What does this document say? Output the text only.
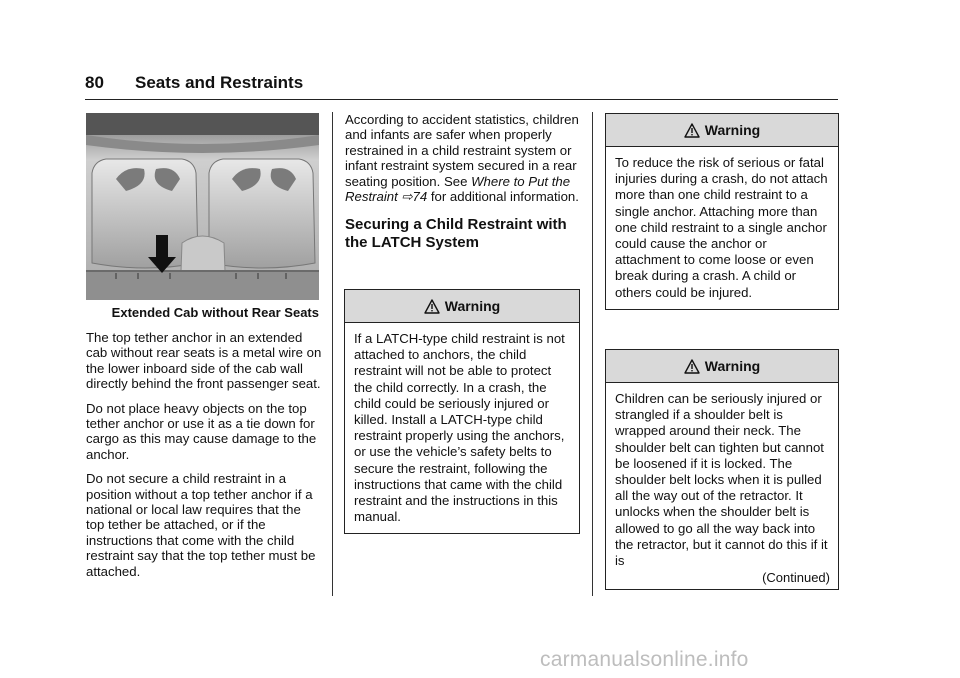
80 Seats and Restraints
Extended Cab without Rear Seats

The top tether anchor in an extended cab without rear seats is a metal wire on the lower inboard side of the cab wall directly behind the front passenger seat.

Do not place heavy objects on the top tether anchor or use it as a tie down for cargo as this may cause damage to the anchor.

Do not secure a child restraint in a position without a top tether anchor if a national or local law requires that the top tether be attached, or if the instructions that come with the child restraint say that the top tether must be attached.

According to accident statistics, children and infants are safer when properly restrained in a child restraint system or infant restraint system secured in a rear seating position. See Where to Put the Restraint ⇨74 for additional information.

Securing a Child Restraint with the LATCH System
Warning
If a LATCH-type child restraint is not attached to anchors, the child restraint will not be able to protect the child correctly. In a crash, the child could be seriously injured or killed. Install a LATCH-type child restraint properly using the anchors, or use the vehicle’s safety belts to secure the restraint, following the instructions that came with the child restraint and the instructions in this manual.
Warning
To reduce the risk of serious or fatal injuries during a crash, do not attach more than one child restraint to a single anchor. Attaching more than one child restraint to a single anchor could cause the anchor or attachment to come loose or even break during a crash. A child or others could be injured.
Warning
Children can be seriously injured or strangled if a shoulder belt is wrapped around their neck. The shoulder belt can tighten but cannot be loosened if it is locked. The shoulder belt locks when it is pulled all the way out of the retractor. It unlocks when the shoulder belt is allowed to go all the way back into the retractor, but it cannot do this if it is
(Continued)
carmanualsonline.info
